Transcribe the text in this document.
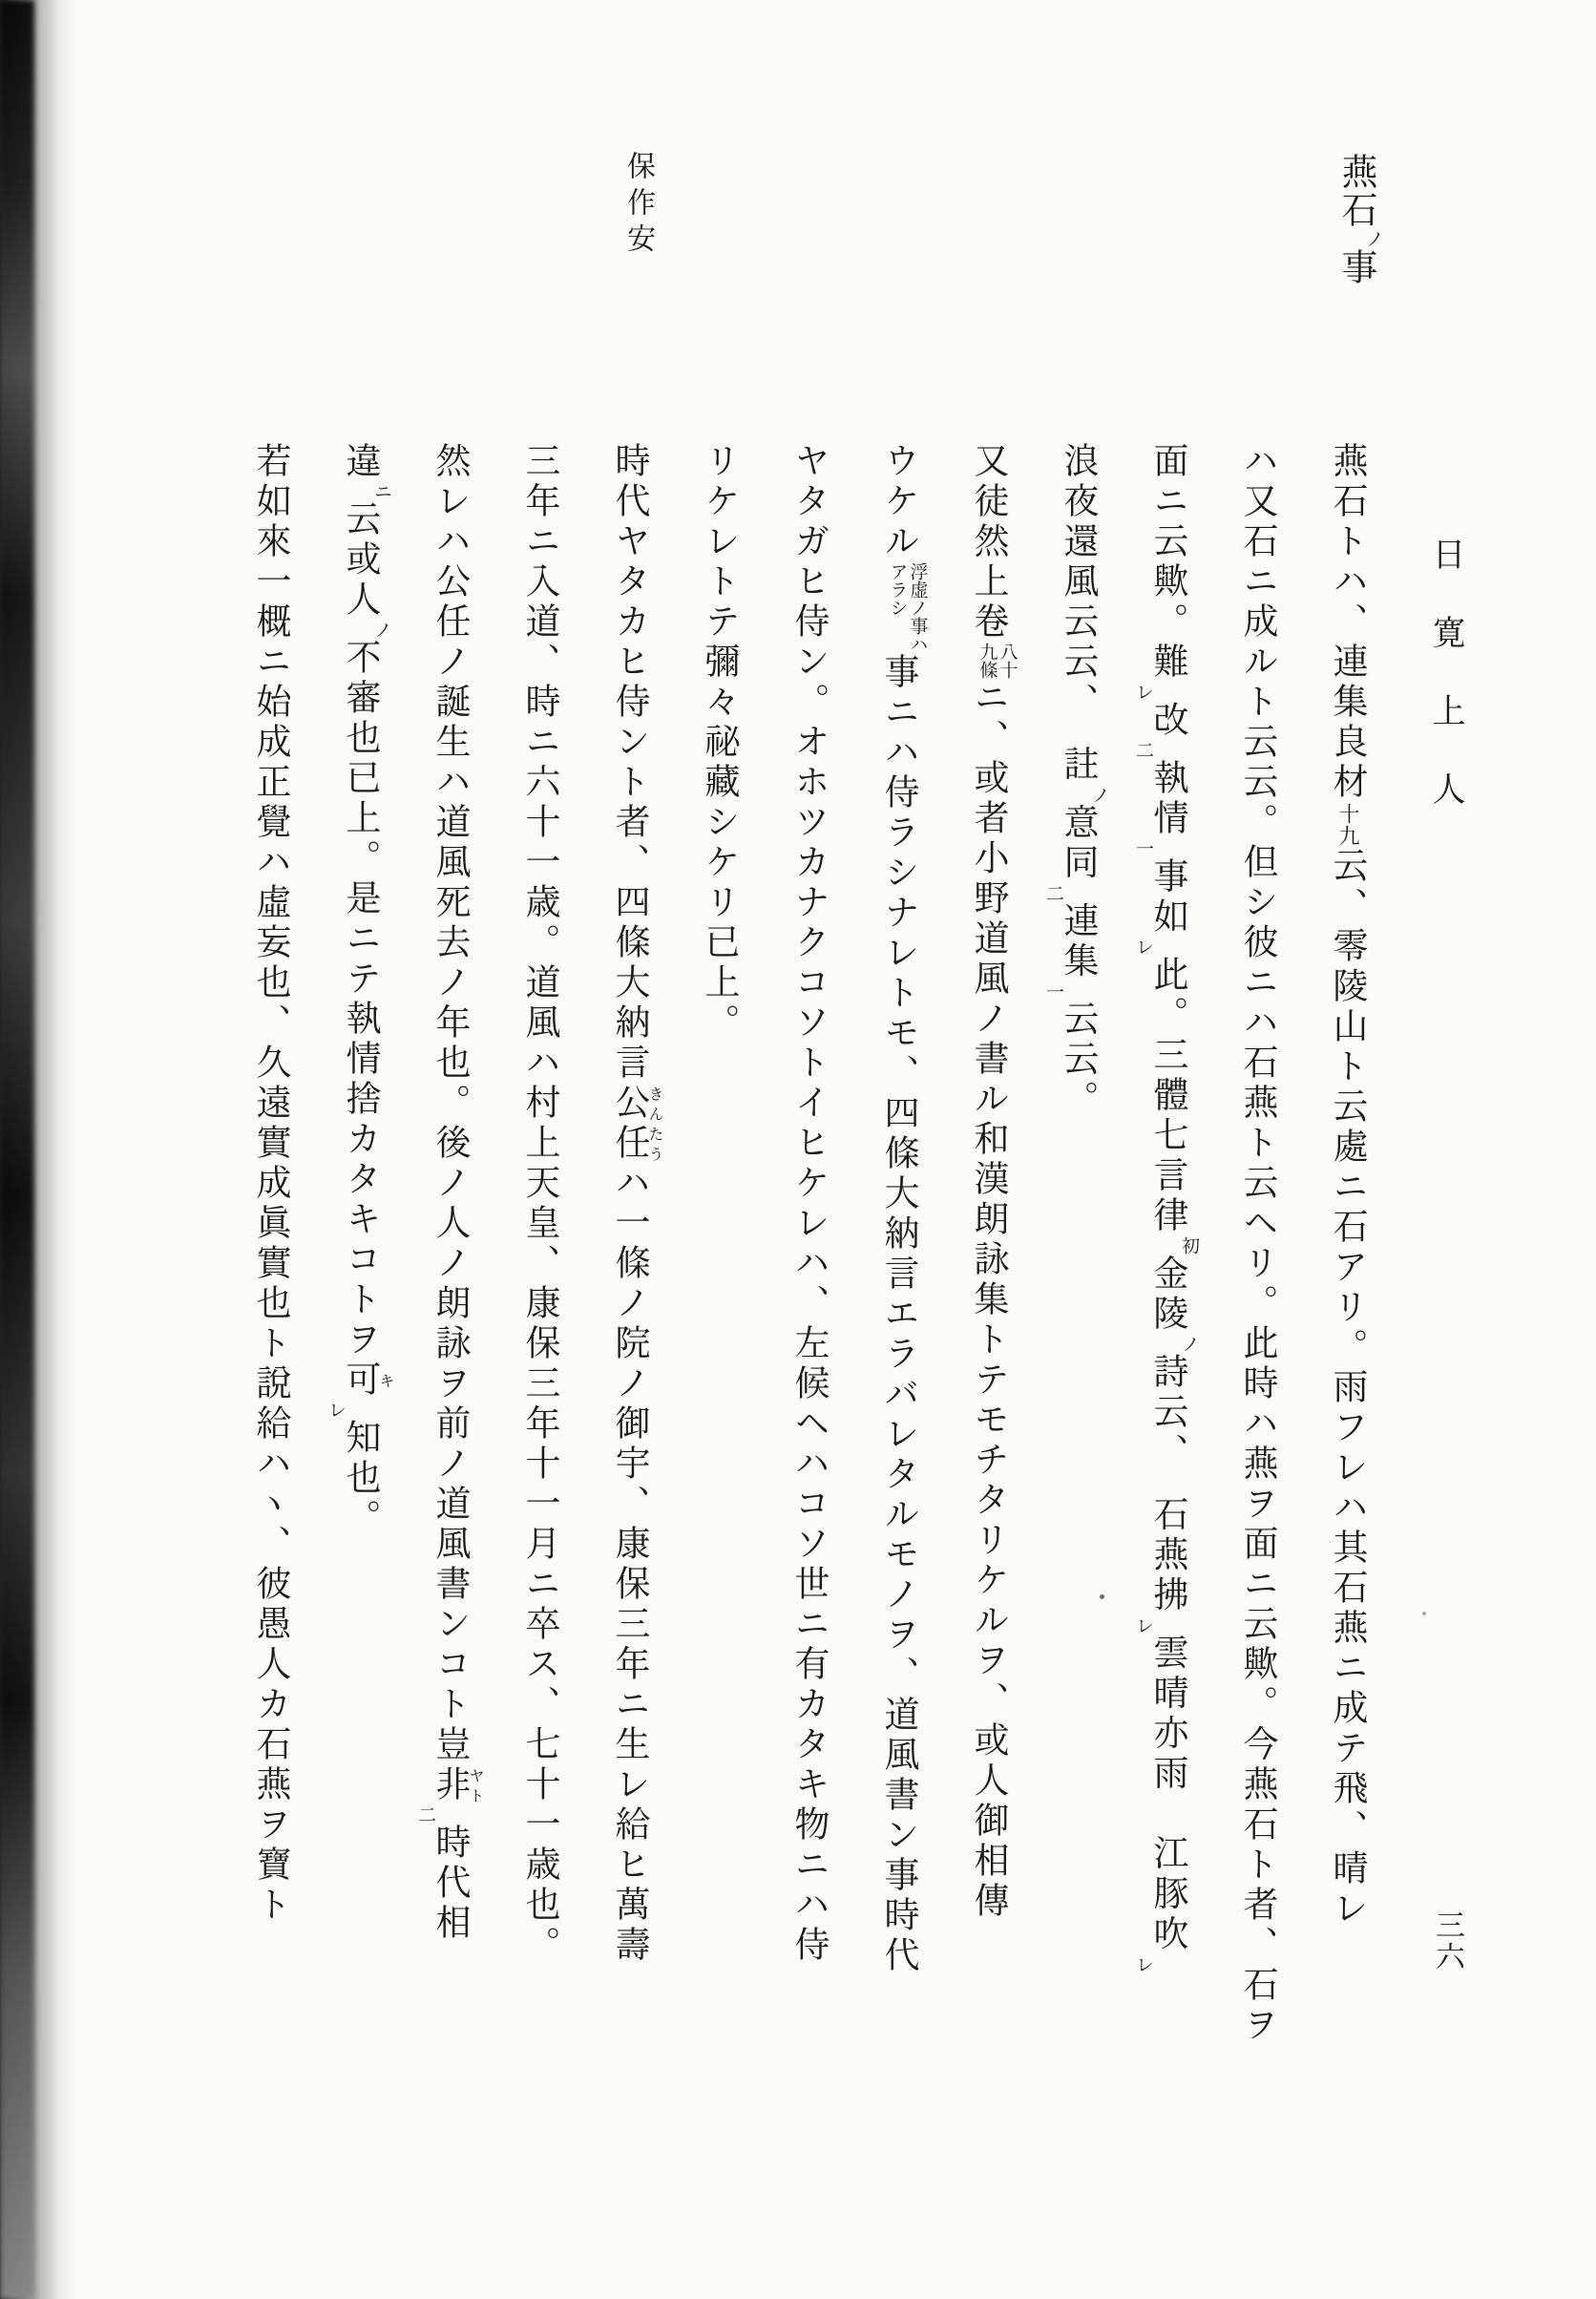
燕石ノ事
日寛上人
保作安

燕石トハ、連集良材十九云、零陵山ト云處ニ石アリ。雨フレハ其石燕ニ成テ飛、晴レ

ハ又石ニ成ルト云云。但シ彼ニハ石燕ト云ヘリ。此時ハ燕ヲ面ニ云歟。今燕石ト者、石ヲ

面ニ云歟。難レ改二執情一事如レ此。三體七言律初金陵ノ詩云、　石燕拂レ雲晴亦雨　江豚吹レ

浪夜還風云云、　註ノ意同二連集一云云。

又徒然上卷
八十
九條
ニ、或者小野道風ノ書ル和漢朗詠集トテモチタリケルヲ、或人御相傳

ウケル
浮虚ノ事ハ
アラシ
事ニハ侍ラシナレトモ、四條大納言エラバレタルモノヲ、道風書ン事時代

ヤタガヒ侍ン。オホツカナクコソトイヒケレハ、左候ヘハコソ世ニ有カタキ物ニハ侍

リケレトテ彌々祕藏シケリ已上。

時代ヤタカヒ侍ント者、四條大納言公任きんたうハ一條ノ院ノ御宇、康保三年ニ生レ給ヒ萬壽

三年ニ入道、時ニ六十一歳。道風ハ村上天皇、康保三年十一月ニ卒ス、七十一歳也。

然レハ公任ノ誕生ハ道風死去ノ年也。後ノ人ノ朗詠ヲ前ノ道風書ンコト豈非ヤト二時代相

違ニ云或人ノ不審也已上。是ニテ執情捨カタキコトヲ可キレ知也。

若如來一概ニ始成正覺ハ虛妄也、久遠實成眞實也ト說給ハヽ、彼愚人カ石燕ヲ寶ト

三六
